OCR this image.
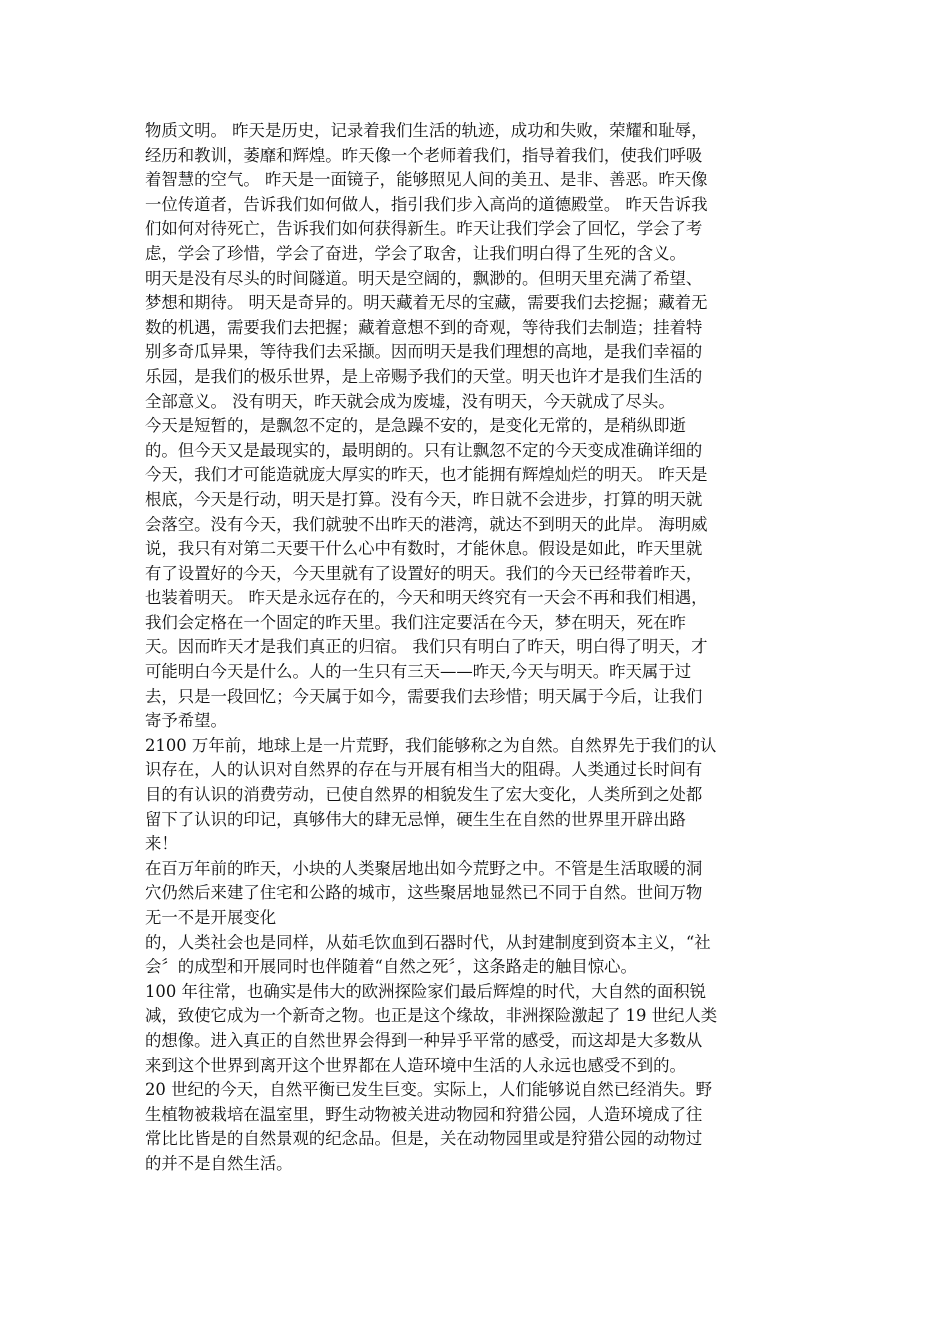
物质文明。 昨天是历史，记录着我们生活的轨迹，成功和失败，荣耀和耻辱，
经历和教训，萎靡和辉煌。昨天像一个老师着我们，指导着我们，使我们呼吸
着智慧的空气。 昨天是一面镜子，能够照见人间的美丑、是非、善恶。昨天像
一位传道者，告诉我们如何做人，指引我们步入高尚的道德殿堂。 昨天告诉我
们如何对待死亡，告诉我们如何获得新生。昨天让我们学会了回忆，学会了考
虑，学会了珍惜，学会了奋进，学会了取舍，让我们明白得了生死的含义。

明天是没有尽头的时间隧道。明天是空阔的，飘渺的。但明天里充满了希望、
梦想和期待。 明天是奇异的。明天藏着无尽的宝藏，需要我们去挖掘；藏着无
数的机遇，需要我们去把握；藏着意想不到的奇观，等待我们去制造；挂着特
别多奇瓜异果，等待我们去采撷。因而明天是我们理想的高地，是我们幸福的
乐园，是我们的极乐世界，是上帝赐予我们的天堂。明天也许才是我们生活的
全部意义。 没有明天，昨天就会成为废墟，没有明天，今天就成了尽头。

今天是短暂的，是飘忽不定的，是急躁不安的，是变化无常的，是稍纵即逝
的。但今天又是最现实的，最明朗的。只有让飘忽不定的今天变成准确详细的
今天，我们才可能造就庞大厚实的昨天，也才能拥有辉煌灿烂的明天。 昨天是
根底，今天是行动，明天是打算。没有今天，昨日就不会进步，打算的明天就
会落空。没有今天，我们就驶不出昨天的港湾，就达不到明天的此岸。 海明威
说，我只有对第二天要干什么心中有数时，才能休息。假设是如此，昨天里就
有了设置好的今天，今天里就有了设置好的明天。我们的今天已经带着昨天，
也装着明天。 昨天是永远存在的，今天和明天终究有一天会不再和我们相遇，
我们会定格在一个固定的昨天里。我们注定要活在今天，梦在明天，死在昨
天。因而昨天才是我们真正的归宿。 我们只有明白了昨天，明白得了明天，才
可能明白今天是什么。人的一生只有三天——昨天,今天与明天。昨天属于过
去，只是一段回忆；今天属于如今，需要我们去珍惜；明天属于今后，让我们
寄予希望。

2100 万年前，地球上是一片荒野，我们能够称之为自然。自然界先于我们的认
识存在，人的认识对自然界的存在与开展有相当大的阻碍。人类通过长时间有
目的有认识的消费劳动，已使自然界的相貌发生了宏大变化，人类所到之处都
留下了认识的印记，真够伟大的肆无忌惮，硬生生在自然的世界里开辟出路
来！

在百万年前的昨天，小块的人类聚居地出如今荒野之中。不管是生活取暖的洞
穴仍然后来建了住宅和公路的城市，这些聚居地显然已不同于自然。世间万物
无一不是开展变化

的，人类社会也是同样，从茹毛饮血到石器时代，从封建制度到资本主义，“社
会〞的成型和开展同时也伴随着“自然之死〞，这条路走的触目惊心。

100 年往常，也确实是伟大的欧洲探险家们最后辉煌的时代，大自然的面积锐
减，致使它成为一个新奇之物。也正是这个缘故，非洲探险激起了 19 世纪人类
的想像。进入真正的自然世界会得到一种异乎平常的感受，而这却是大多数从
来到这个世界到离开这个世界都在人造环境中生活的人永远也感受不到的。

20 世纪的今天，自然平衡已发生巨变。实际上，人们能够说自然已经消失。野
生植物被栽培在温室里，野生动物被关进动物园和狩猎公园，人造环境成了往
常比比皆是的自然景观的纪念品。但是，关在动物园里或是狩猎公园的动物过
的并不是自然生活。
